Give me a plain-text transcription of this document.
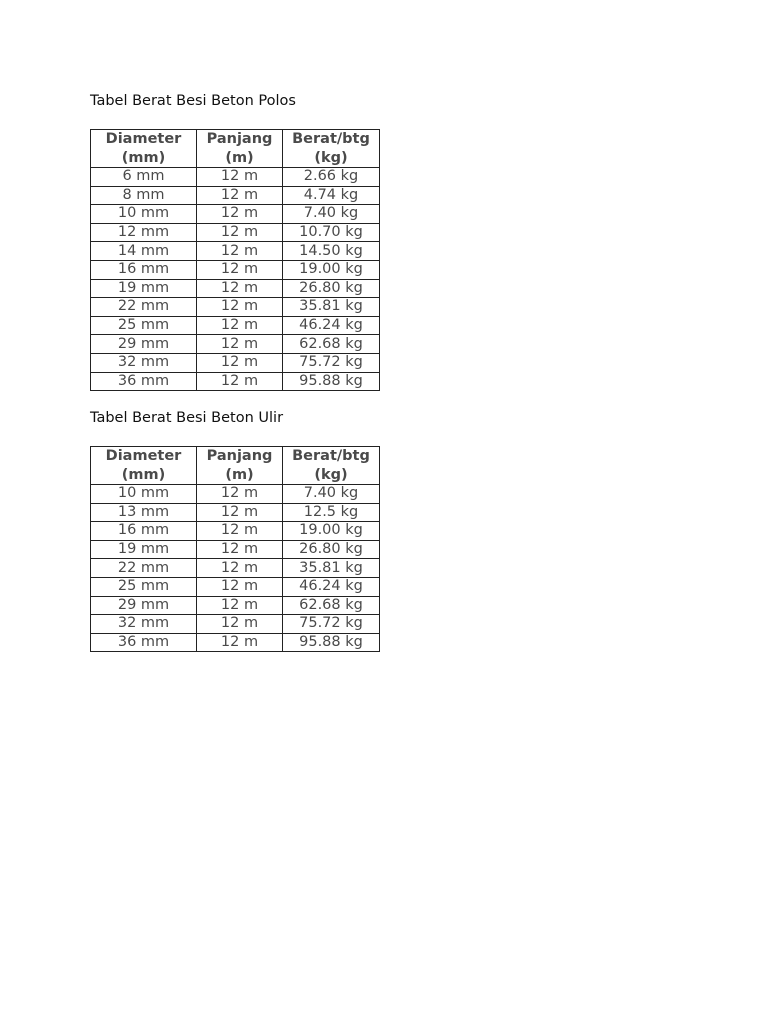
Tabel Berat Besi Beton Polos
Diameter
(mm)	Panjang
(m)	Berat/btg
(kg)

6 mm	12 m	2.66 kg
8 mm	12 m	4.74 kg
10 mm	12 m	7.40 kg
12 mm	12 m	10.70 kg
14 mm	12 m	14.50 kg
16 mm	12 m	19.00 kg
19 mm	12 m	26.80 kg
22 mm	12 m	35.81 kg
25 mm	12 m	46.24 kg
29 mm	12 m	62.68 kg
32 mm	12 m	75.72 kg
36 mm	12 m	95.88 kg
Tabel Berat Besi Beton Ulir
Diameter
(mm)	Panjang
(m)	Berat/btg
(kg)

10 mm	12 m	7.40 kg
13 mm	12 m	12.5 kg
16 mm	12 m	19.00 kg
19 mm	12 m	26.80 kg
22 mm	12 m	35.81 kg
25 mm	12 m	46.24 kg
29 mm	12 m	62.68 kg
32 mm	12 m	75.72 kg
36 mm	12 m	95.88 kg
